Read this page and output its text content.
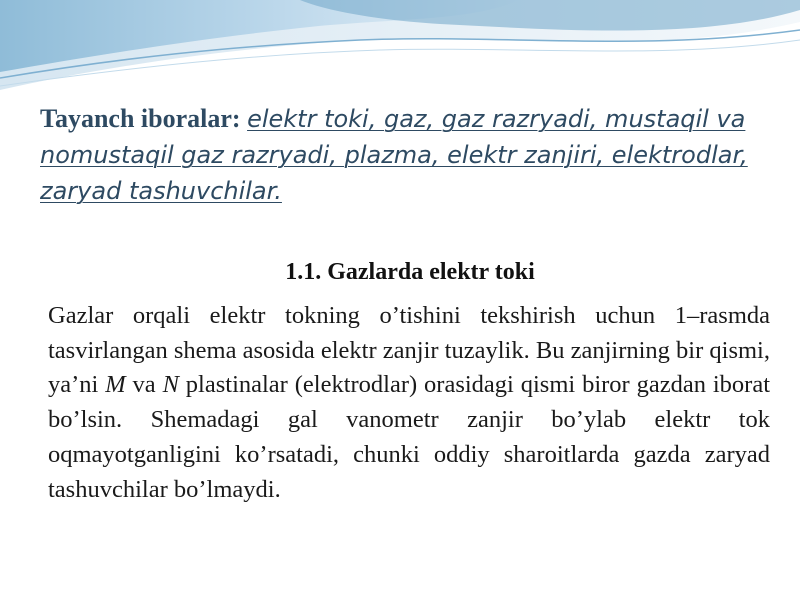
Tayanch iboralar: elektr toki, gaz, gaz razryadi, mustaqil va nomustaqil gaz razryadi, plazma, elektr zanjiri, elektrodlar, zaryad tashuvchilar.
1.1. Gazlarda elektr toki

Gazlar orqali elektr tokning o’tishini tekshirish uchun 1–rasmda tasvirlangan shema asosida elektr zanjir tuzaylik. Bu zanjirning bir qismi, ya’ni M va N plastinalar (elektrodlar) orasidagi qismi biror gazdan iborat bo’lsin. Shemadagi gal vanometr zanjir bo’ylab elektr tok oqmayotganligini ko’rsatadi, chunki oddiy sharoitlarda gazda zaryad tashuvchilar bo’lmaydi.
